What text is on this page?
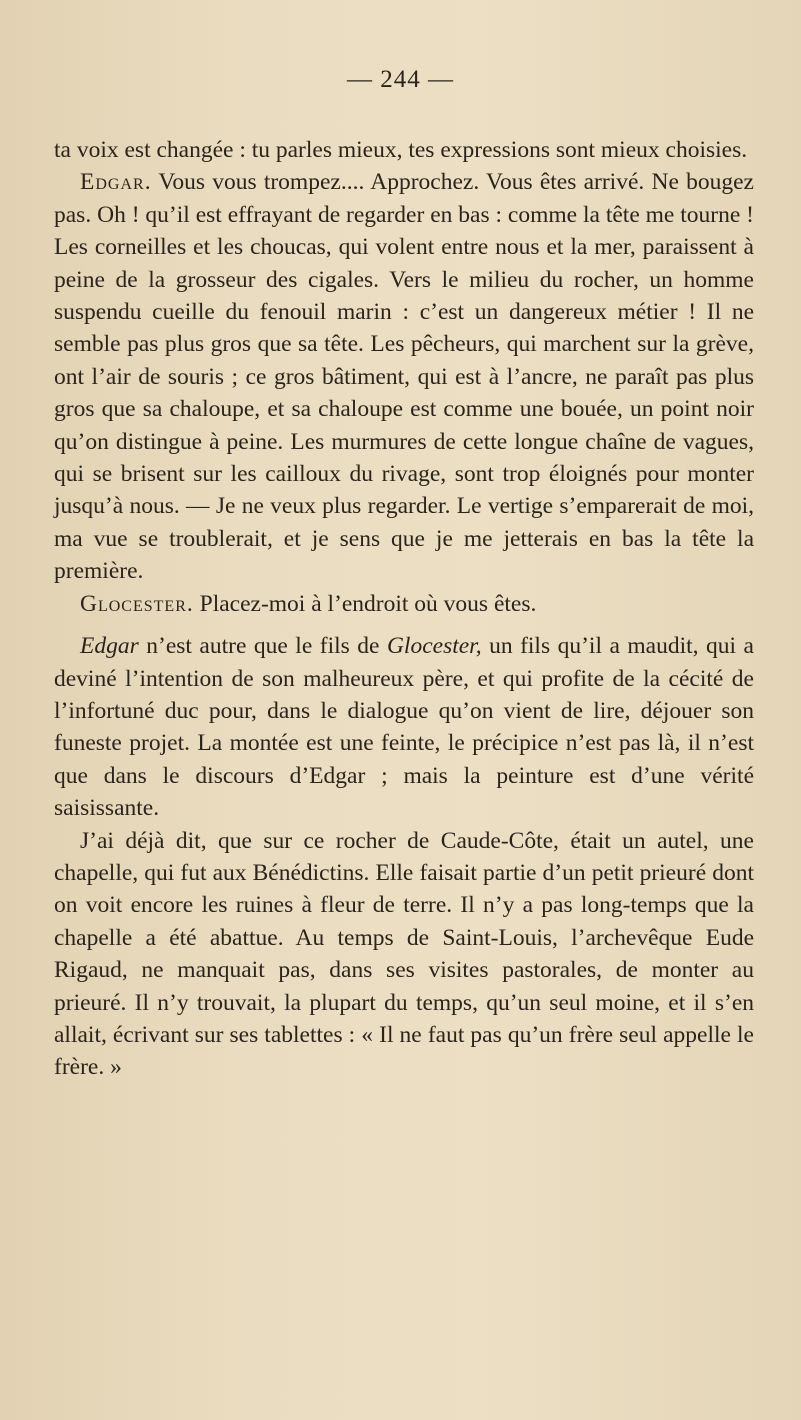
— 244 —

ta voix est changée : tu parles mieux, tes expressions sont mieux choisies.

Edgar. Vous vous trompez.... Approchez. Vous êtes arrivé. Ne bougez pas. Oh ! qu’il est effrayant de regarder en bas : comme la tête me tourne ! Les corneilles et les choucas, qui volent entre nous et la mer, paraissent à peine de la grosseur des cigales. Vers le milieu du rocher, un homme suspendu cueille du fenouil marin : c’est un dangereux métier ! Il ne semble pas plus gros que sa tête. Les pêcheurs, qui marchent sur la grève, ont l’air de souris ; ce gros bâtiment, qui est à l’ancre, ne paraît pas plus gros que sa chaloupe, et sa chaloupe est comme une bouée, un point noir qu’on distingue à peine. Les murmures de cette longue chaîne de vagues, qui se brisent sur les cailloux du rivage, sont trop éloignés pour monter jusqu’à nous. — Je ne veux plus regarder. Le vertige s’emparerait de moi, ma vue se troublerait, et je sens que je me jetterais en bas la tête la première.

Glocester. Placez-moi à l’endroit où vous êtes.

Edgar n’est autre que le fils de Glocester, un fils qu’il a maudit, qui a deviné l’intention de son malheureux père, et qui profite de la cécité de l’infortuné duc pour, dans le dialogue qu’on vient de lire, déjouer son funeste projet. La montée est une feinte, le précipice n’est pas là, il n’est que dans le discours d’Edgar ; mais la peinture est d’une vérité saisissante.

J’ai déjà dit, que sur ce rocher de Caude-Côte, était un autel, une chapelle, qui fut aux Bénédictins. Elle faisait partie d’un petit prieuré dont on voit encore les ruines à fleur de terre. Il n’y a pas long-temps que la chapelle a été abattue. Au temps de Saint-Louis, l’archevêque Eude Rigaud, ne manquait pas, dans ses visites pastorales, de monter au prieuré. Il n’y trouvait, la plupart du temps, qu’un seul moine, et il s’en allait, écrivant sur ses tablettes : « Il ne faut pas qu’un frère seul appelle le frère. »
